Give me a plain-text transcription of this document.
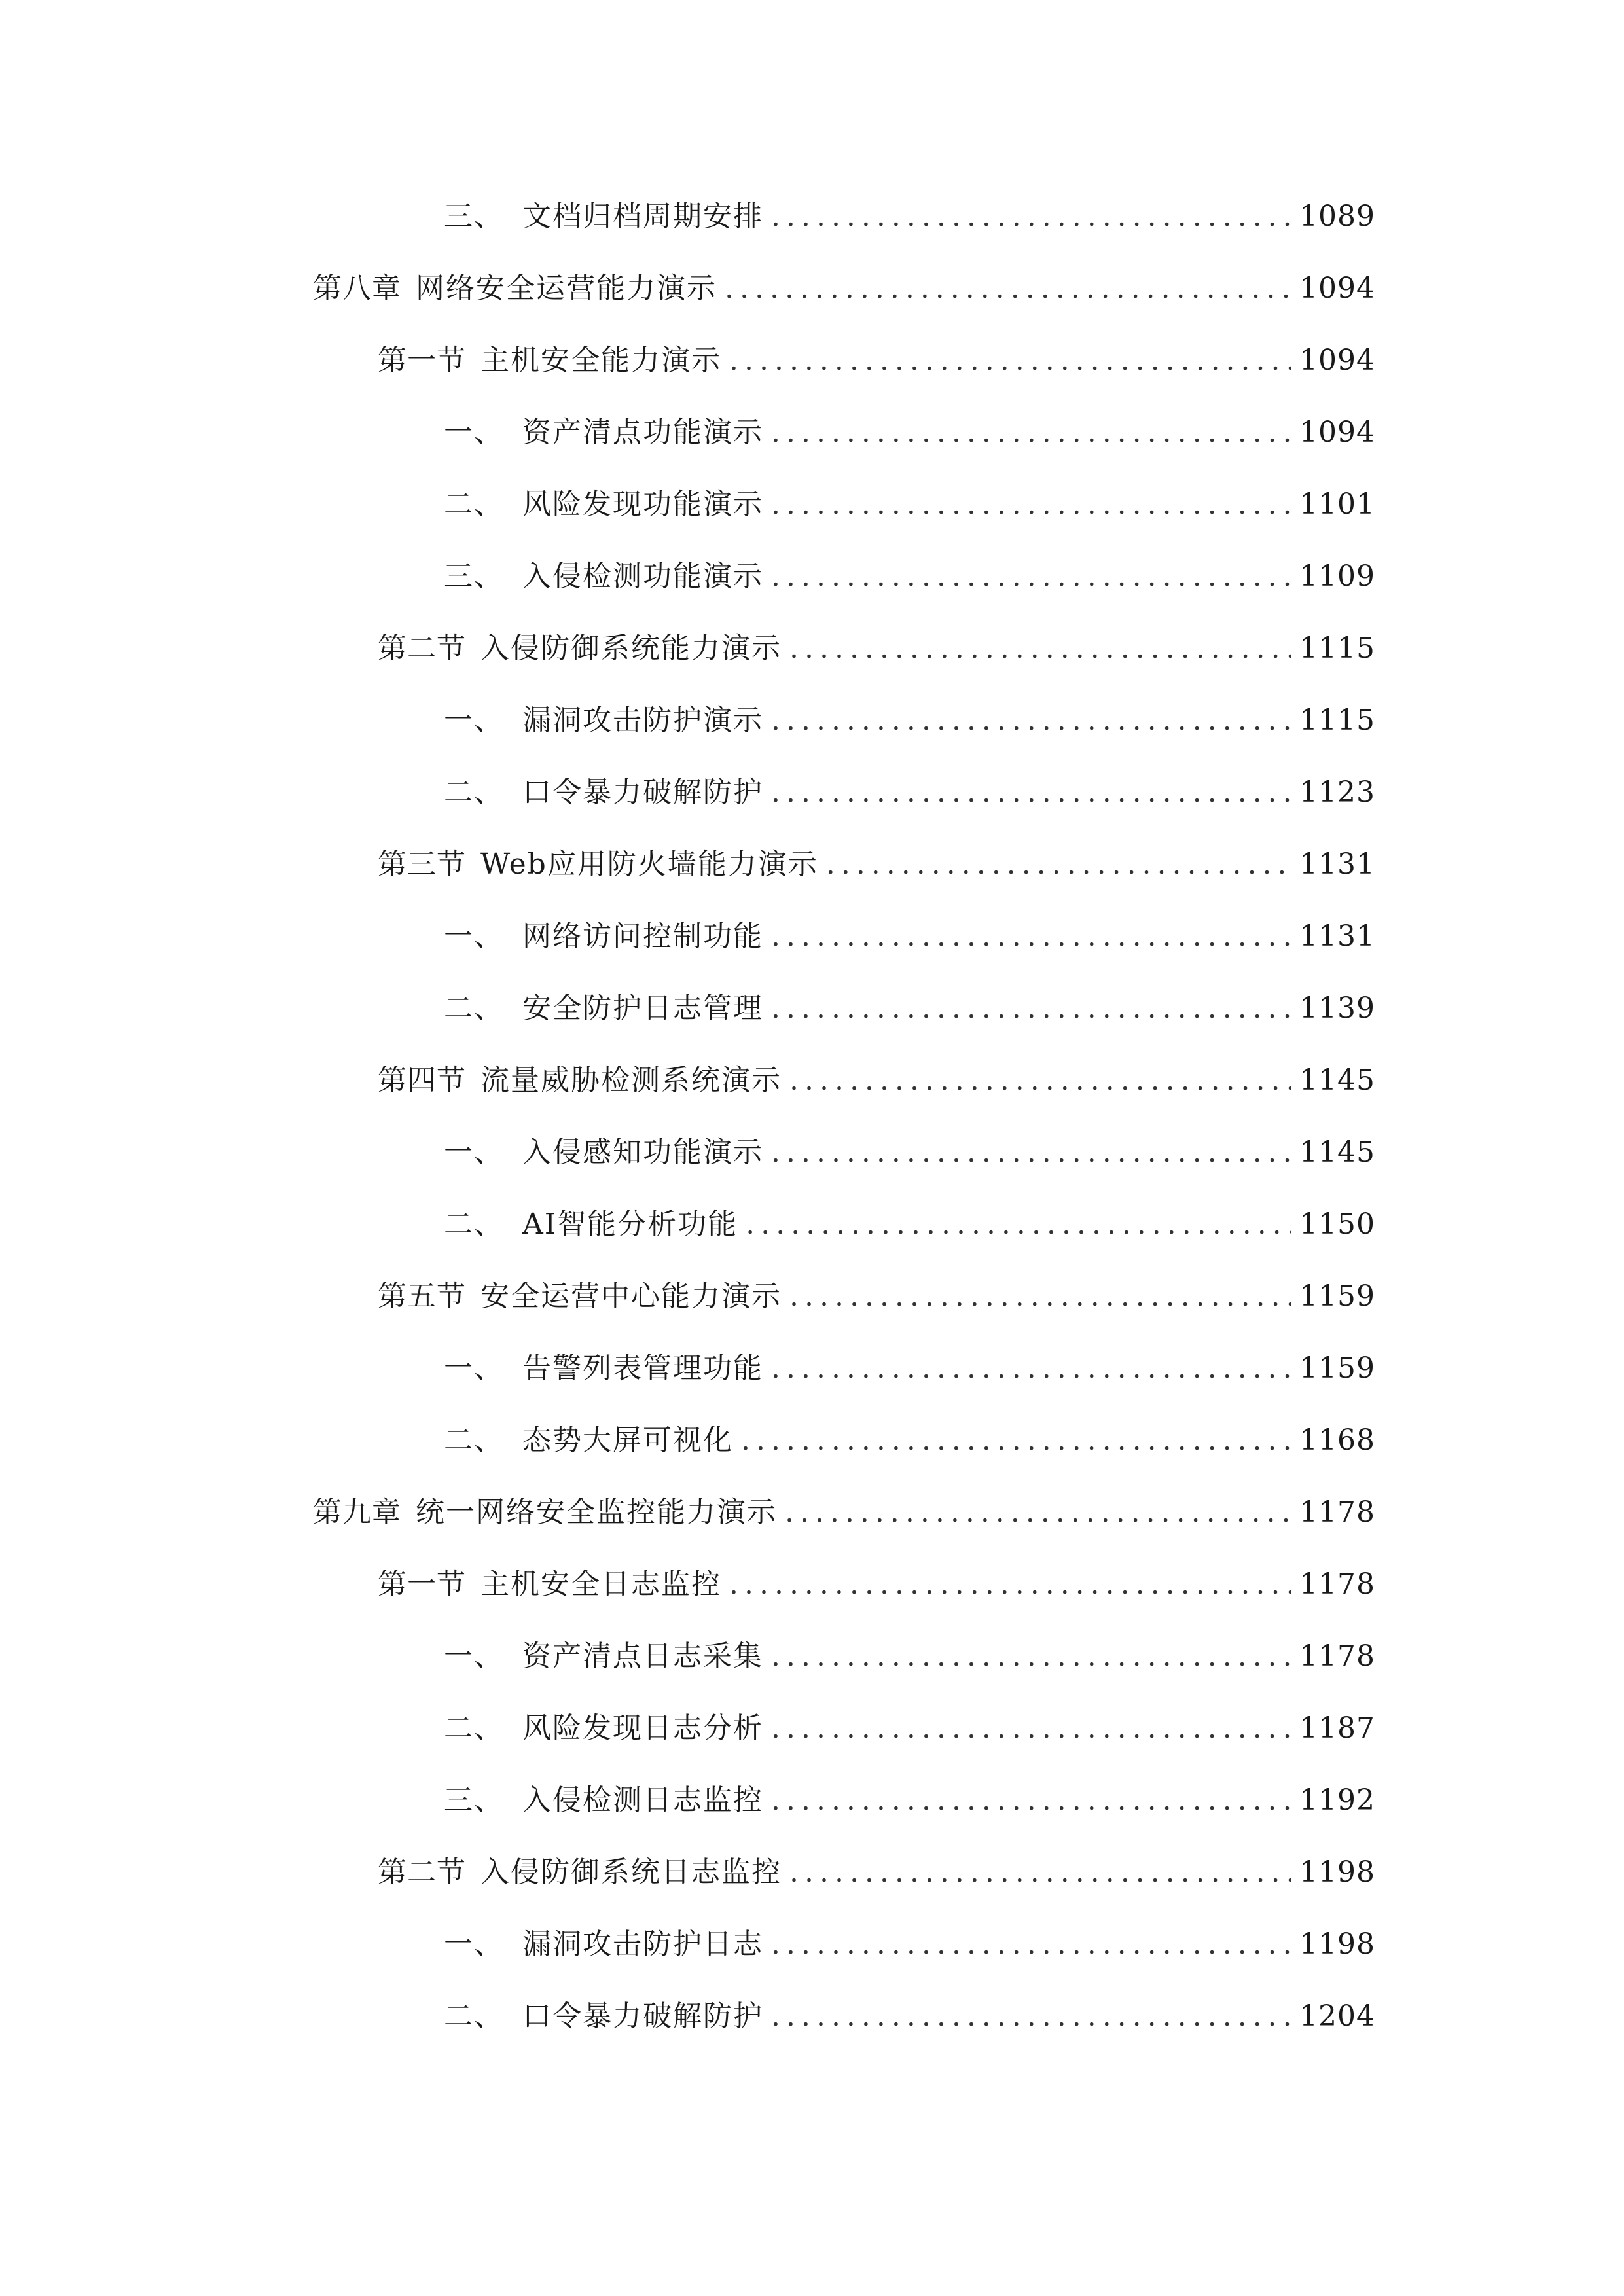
三、 文档归档周期安排 .....	1089
第八章 网络安全运营能力演示 .....	1094
第一节 主机安全能力演示 .....	1094
一、 资产清点功能演示 .....	1094
二、 风险发现功能演示 .....	1101
三、 入侵检测功能演示 .....	1109
第二节 入侵防御系统能力演示 .....	1115
一、 漏洞攻击防护演示 .....	1115
二、 口令暴力破解防护 .....	1123
第三节 Web应用防火墙能力演示 .....	1131
一、 网络访问控制功能 .....	1131
二、 安全防护日志管理 .....	1139
第四节 流量威胁检测系统演示 .....	1145
一、 入侵感知功能演示 .....	1145
二、 AI智能分析功能 .....	1150
第五节 安全运营中心能力演示 .....	1159
一、 告警列表管理功能 .....	1159
二、 态势大屏可视化 .....	1168
第九章 统一网络安全监控能力演示 .....	1178
第一节 主机安全日志监控 .....	1178
一、 资产清点日志采集 .....	1178
二、 风险发现日志分析 .....	1187
三、 入侵检测日志监控 .....	1192
第二节 入侵防御系统日志监控 .....	1198
一、 漏洞攻击防护日志 .....	1198
二、 口令暴力破解防护 .....	1204
